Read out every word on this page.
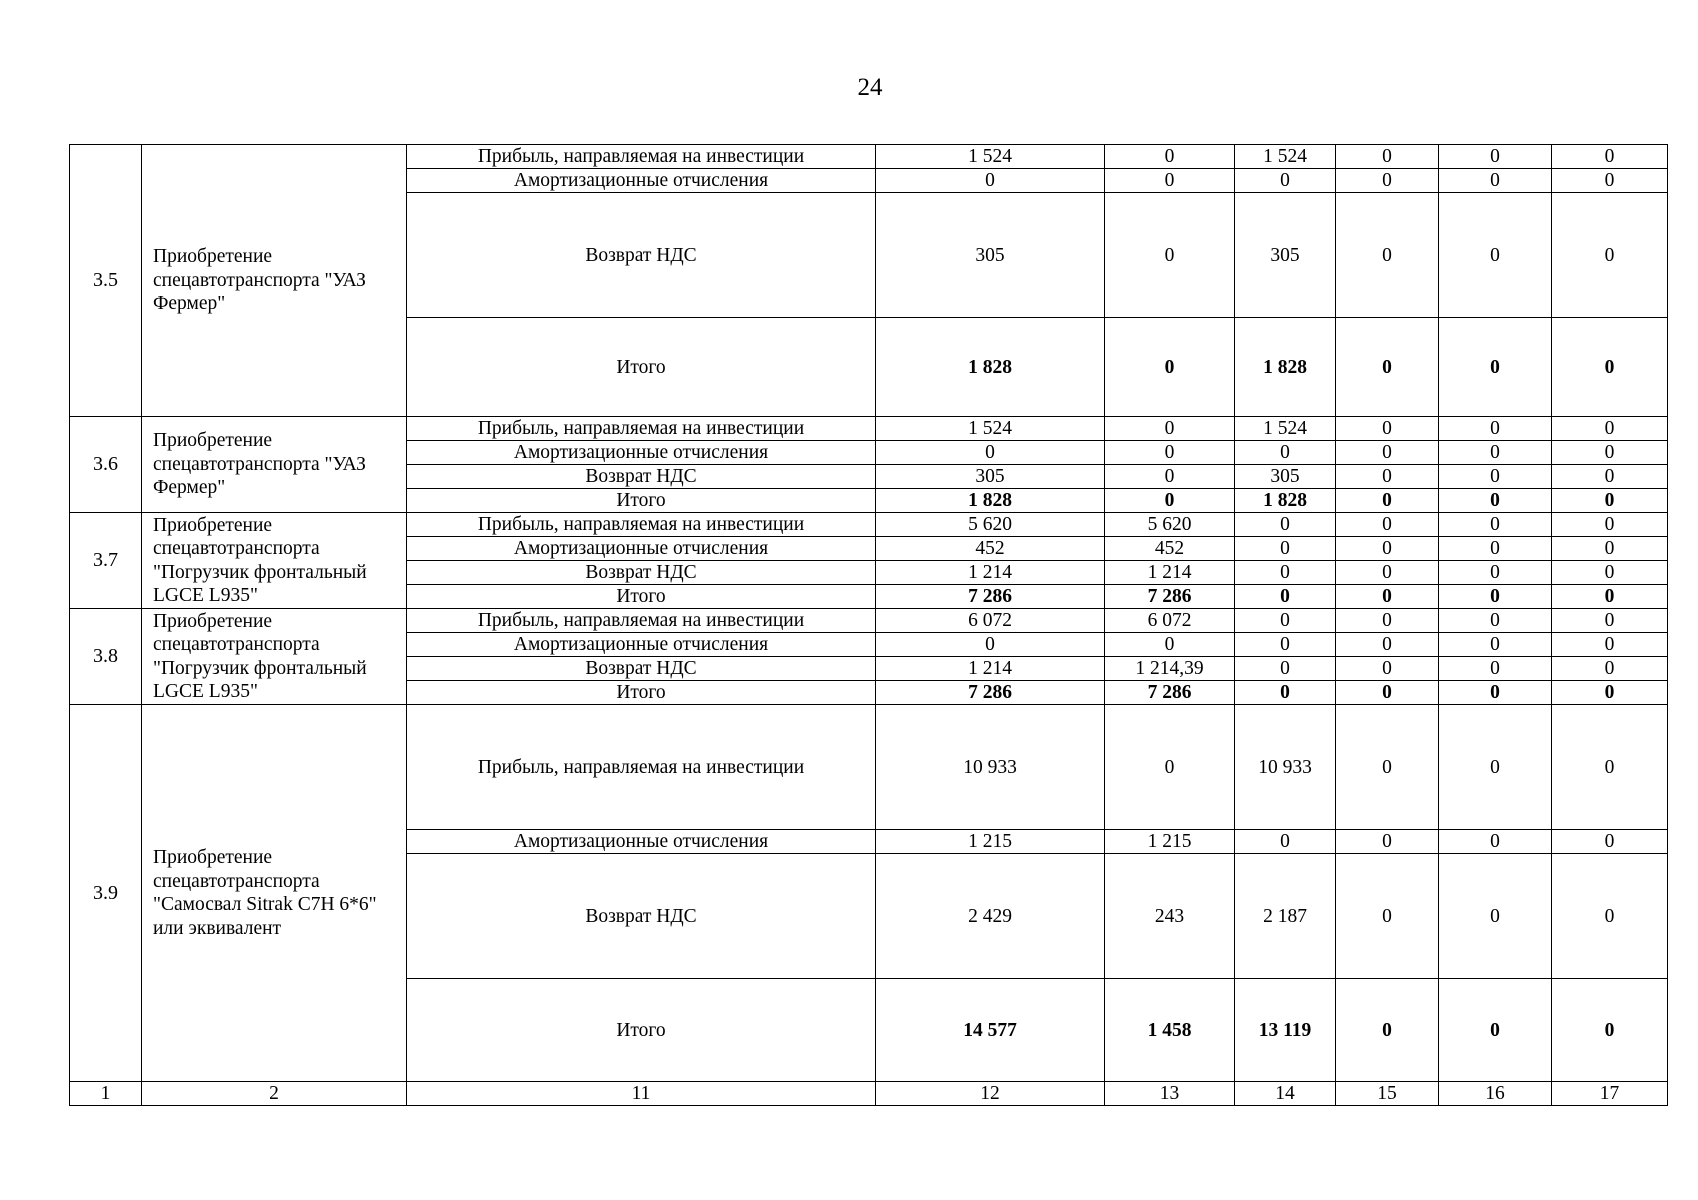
24
3.5	Приобретение спецавтотранспорта "УАЗ Фермер"	Прибыль, направляемая на инвестиции	1 524	0	1 524	0	0	0
		Амортизационные отчисления	0	0	0	0	0	0
		Возврат НДС	305	0	305	0	0	0
		Итого	1 828	0	1 828	0	0	0
3.6	Приобретение спецавтотранспорта "УАЗ Фермер"	Прибыль, направляемая на инвестиции	1 524	0	1 524	0	0	0
		Амортизационные отчисления	0	0	0	0	0	0
		Возврат НДС	305	0	305	0	0	0
		Итого	1 828	0	1 828	0	0	0
3.7	Приобретение спецавтотранспорта "Погрузчик фронтальный LGCE L935"	Прибыль, направляемая на инвестиции	5 620	5 620	0	0	0	0
		Амортизационные отчисления	452	452	0	0	0	0
		Возврат НДС	1 214	1 214	0	0	0	0
		Итого	7 286	7 286	0	0	0	0
3.8	Приобретение спецавтотранспорта "Погрузчик фронтальный LGCE L935"	Прибыль, направляемая на инвестиции	6 072	6 072	0	0	0	0
		Амортизационные отчисления	0	0	0	0	0	0
		Возврат НДС	1 214	1 214,39	0	0	0	0
		Итого	7 286	7 286	0	0	0	0
3.9	Приобретение спецавтотранспорта "Самосвал Sitrak C7H 6*6" или эквивалент	Прибыль, направляемая на инвестиции	10 933	0	10 933	0	0	0
		Амортизационные отчисления	1 215	1 215	0	0	0	0
		Возврат НДС	2 429	243	2 187	0	0	0
		Итого	14 577	1 458	13 119	0	0	0
1	2	11	12	13	14	15	16	17
